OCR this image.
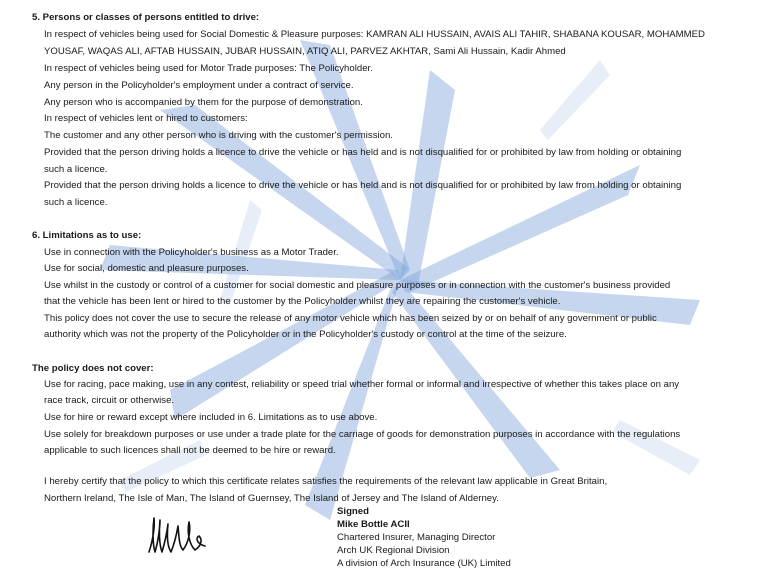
5. Persons or classes of persons entitled to drive:
In respect of vehicles being used for Social Domestic & Pleasure purposes: KAMRAN ALI HUSSAIN, AVAIS ALI TAHIR, SHABANA KOUSAR, MOHAMMED
YOUSAF, WAQAS ALI, AFTAB HUSSAIN, JUBAR HUSSAIN, ATIQ ALI, PARVEZ AKHTAR, Sami Ali Hussain, Kadir Ahmed
In respect of vehicles being used for Motor Trade purposes: The Policyholder.
Any person in the Policyholder's employment under a contract of service.
Any person who is accompanied by them for the purpose of demonstration.
In respect of vehicles lent or hired to customers:
The customer and any other person who is driving with the customer's permission.
Provided that the person driving holds a licence to drive the vehicle or has held and is not disqualified for or prohibited by law from holding or obtaining
such a licence.
Provided that the person driving holds a licence to drive the vehicle or has held and is not disqualified for or prohibited by law from holding or obtaining
such a licence.
6. Limitations as to use:
Use in connection with the Policyholder's business as a Motor Trader.
Use for social, domestic and pleasure purposes.
Use whilst in the custody or control of a customer for social domestic and pleasure purposes or in connection with the customer's business provided
that the vehicle has been lent or hired to the customer by the Policyholder whilst they are repairing the customer's vehicle.
This policy does not cover the use to secure the release of any motor vehicle which has been seized by or on behalf of any government or public
authority which was not the property of the Policyholder or in the Policyholder's custody or control at the time of the seizure.
The policy does not cover:
Use for racing, pace making, use in any contest, reliability or speed trial whether formal or informal and irrespective of whether this takes place on any
race track, circuit or otherwise.
Use for hire or reward except where included in 6. Limitations as to use above.
Use solely for breakdown purposes or use under a trade plate for the carriage of goods for demonstration purposes in accordance with the regulations
applicable to such licences shall not be deemed to be hire or reward.
I hereby certify that the policy to which this certificate relates satisfies the requirements of the relevant law applicable in Great Britain,
Northern Ireland, The Isle of Man, The Island of Guernsey, The Island of Jersey and The Island of Alderney.
Signed
Mike Bottle ACII
Chartered Insurer, Managing Director
Arch UK Regional Division
A division of Arch Insurance (UK) Limited
